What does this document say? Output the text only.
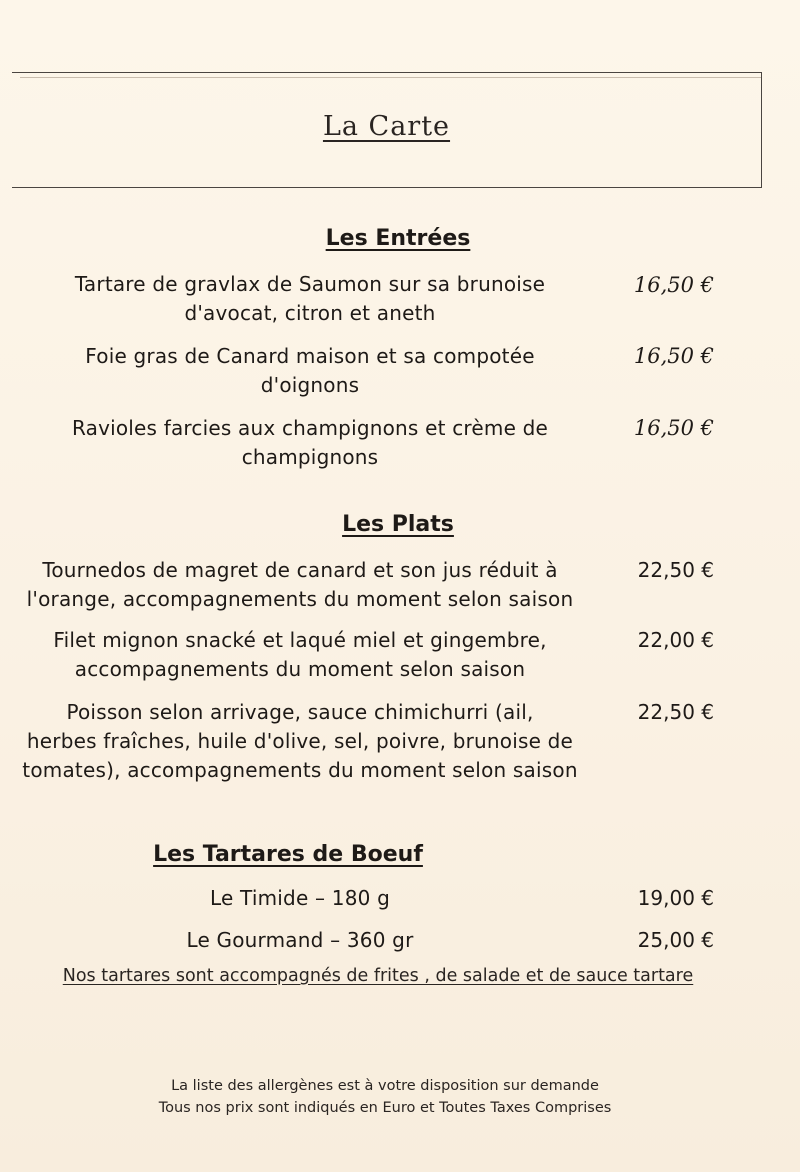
La Carte
Les Entrées
Tartare de gravlax de Saumon sur sa brunoise
d'avocat, citron et aneth
16,50 €
Foie gras de Canard maison et sa compotée
d'oignons
16,50 €
Ravioles farcies aux champignons et crème de
champignons
16,50 €
Les Plats
Tournedos de magret de canard et son jus réduit à
l'orange, accompagnements du moment selon saison
22,50 €
Filet mignon snacké et laqué miel et gingembre,
accompagnements du moment selon saison
22,00 €
Poisson selon arrivage, sauce chimichurri (ail,
herbes fraîches, huile d'olive, sel, poivre, brunoise de
tomates), accompagnements du moment selon saison
22,50 €
Les Tartares de Boeuf
Le Timide – 180 g	19,00 €
Le Gourmand – 360 gr	25,00 €
Nos tartares sont accompagnés de frites , de salade et de sauce tartare
La liste des allergènes est à votre disposition sur demande
Tous nos prix sont indiqués en Euro et Toutes Taxes Comprises
